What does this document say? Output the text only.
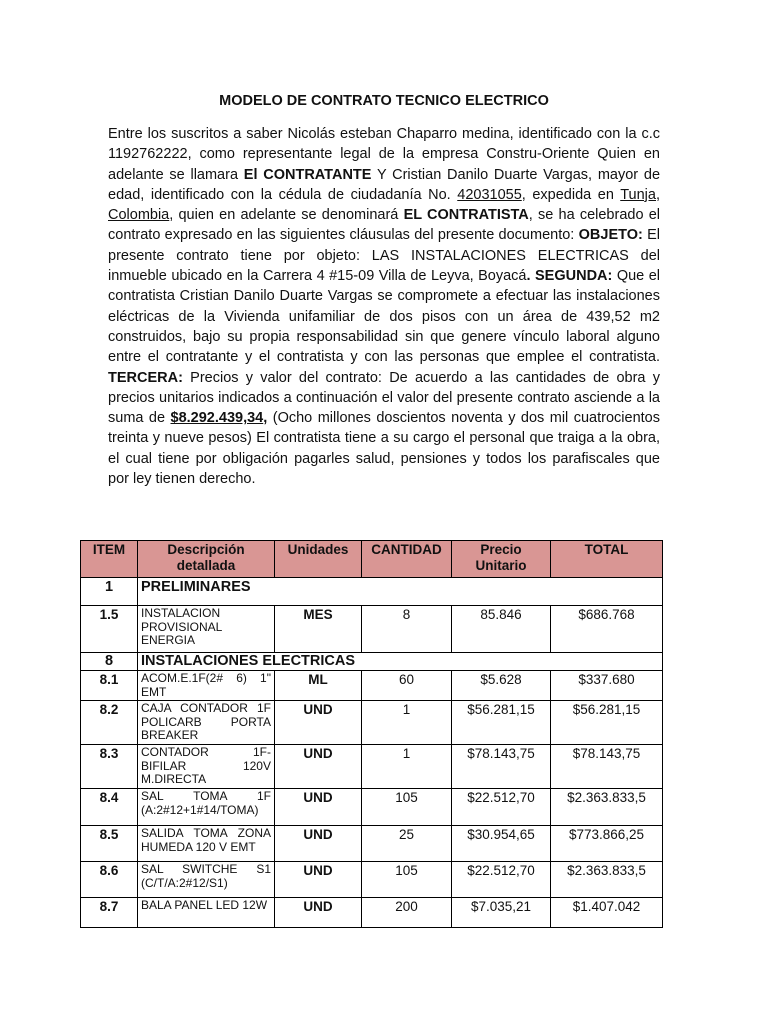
MODELO DE CONTRATO TECNICO ELECTRICO

Entre los suscritos a saber Nicolás esteban Chaparro medina, identificado con la c.c 1192762222, como representante legal de la empresa Constru-Oriente Quien en adelante se llamara El CONTRATANTE Y Cristian Danilo Duarte Vargas, mayor de edad, identificado con la cédula de ciudadanía No. 42031055, expedida en Tunja, Colombia, quien en adelante se denominará EL CONTRATISTA, se ha celebrado el contrato expresado en las siguientes cláusulas del presente documento: OBJETO: El presente contrato tiene por objeto: LAS INSTALACIONES ELECTRICAS del inmueble ubicado en la Carrera 4 #15-09 Villa de Leyva, Boyacá. SEGUNDA: Que el contratista Cristian Danilo Duarte Vargas se compromete a efectuar las instalaciones eléctricas de la Vivienda unifamiliar de dos pisos con un área de 439,52 m2 construidos, bajo su propia responsabilidad sin que genere vínculo laboral alguno entre el contratante y el contratista y con las personas que emplee el contratista. TERCERA: Precios y valor del contrato: De acuerdo a las cantidades de obra y precios unitarios indicados a continuación el valor del presente contrato asciende a la suma de $8.292.439,34, (Ocho millones doscientos noventa y dos mil cuatrocientos treinta y nueve pesos) El contratista tiene a su cargo el personal que traiga a la obra, el cual tiene por obligación pagarles salud, pensiones y todos los parafiscales que por ley tienen derecho.

ITEM	Descripción detallada	Unidades	CANTIDAD	Precio Unitario	TOTAL
1	PRELIMINARES				
1.5	INSTALACION PROVISIONAL ENERGIA	MES	8	85.846	$686.768
8	INSTALACIONES ELECTRICAS				
8.1	ACOM.E.1F(2# 6) 1" EMT	ML	60	$5.628	$337.680
8.2	CAJA CONTADOR 1F POLICARB PORTA BREAKER	UND	1	$56.281,15	$56.281,15
8.3	CONTADOR 1F-BIFILAR 120V M.DIRECTA	UND	1	$78.143,75	$78.143,75
8.4	SAL TOMA 1F (A:2#12+1#14/TOMA)	UND	105	$22.512,70	$2.363.833,5
8.5	SALIDA TOMA ZONA HUMEDA 120 V EMT	UND	25	$30.954,65	$773.866,25
8.6	SAL SWITCHE S1 (C/T/A:2#12/S1)	UND	105	$22.512,70	$2.363.833,5
8.7	BALA PANEL LED 12W	UND	200	$7.035,21	$1.407.042
